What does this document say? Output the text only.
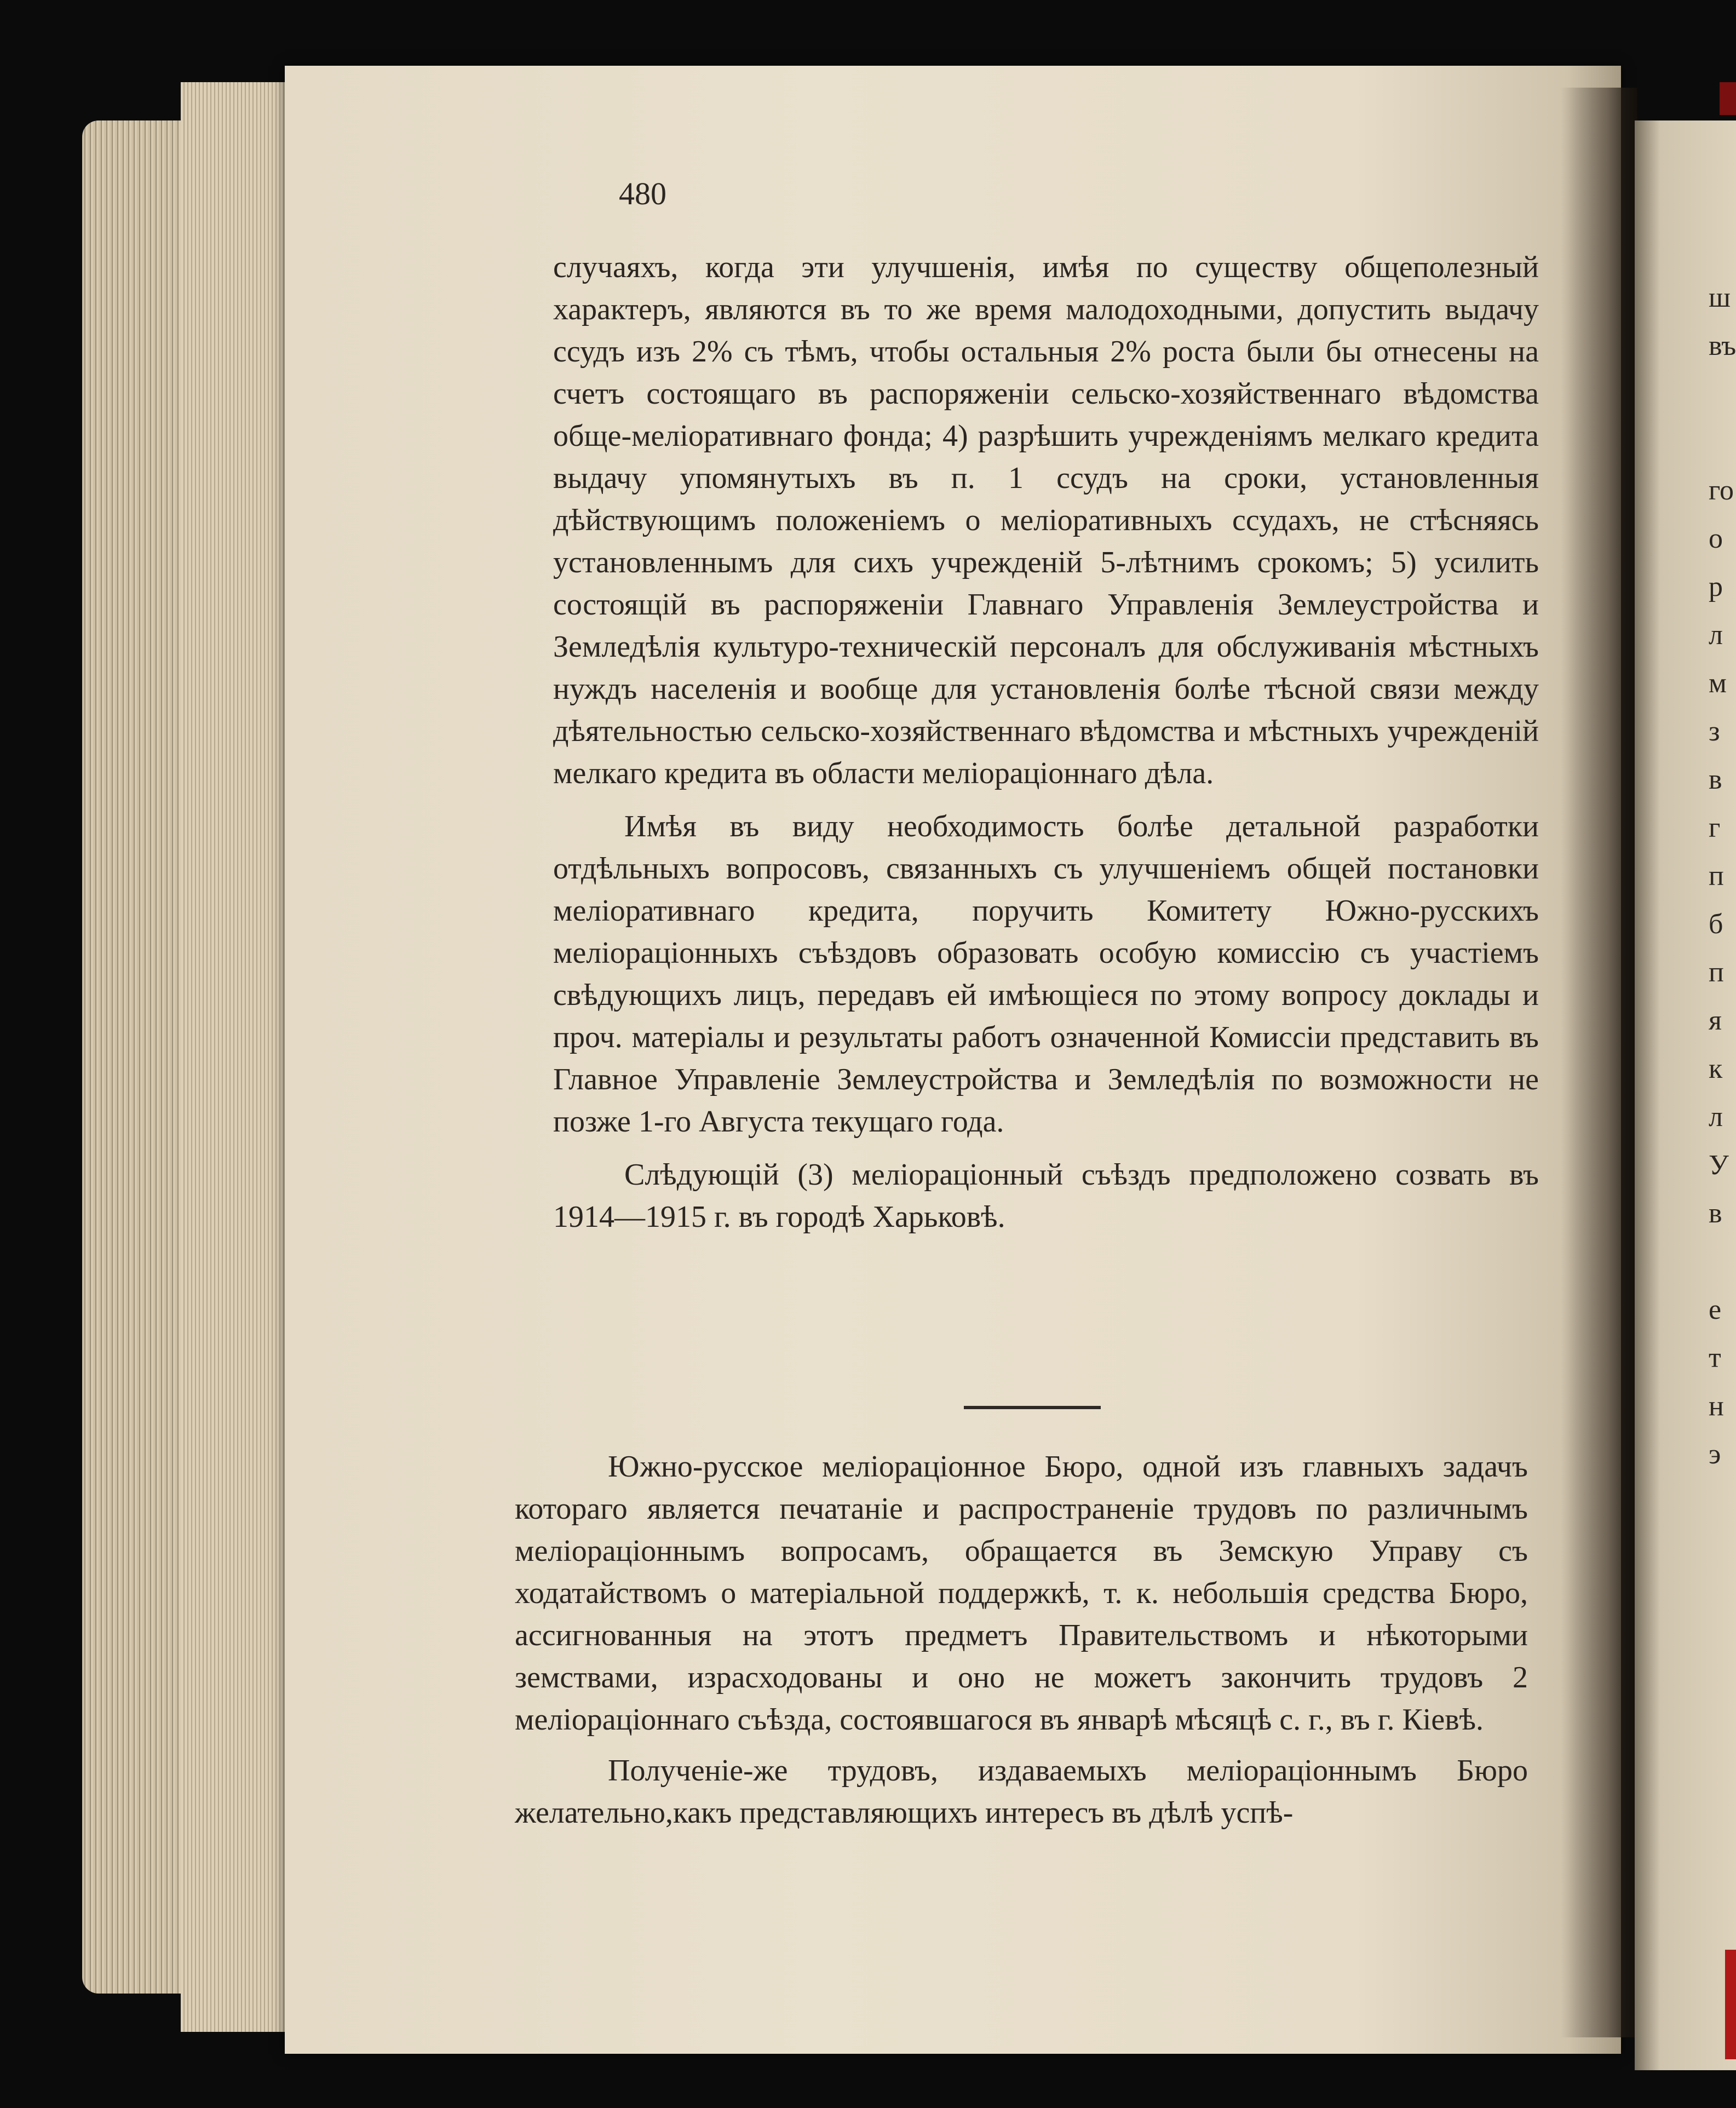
480

случаяхъ, когда эти улучшенія, имѣя по существу общеполезный характеръ, являются въ то же время малодоходными, допустить выдачу ссудъ изъ 2% съ тѣмъ, чтобы остальныя 2% роста были бы отнесены на счетъ состоящаго въ распоряженіи сельско-хозяйственнаго вѣдомства обще-меліоративнаго фонда; 4) разрѣшить учрежденіямъ мелкаго кредита выдачу упомянутыхъ въ п. 1 ссудъ на сроки, установленныя дѣйствующимъ положеніемъ о меліоративныхъ ссудахъ, не стѣсняясь установленнымъ для сихъ учрежденій 5-лѣтнимъ срокомъ; 5) усилить состоящій въ распоряженіи Главнаго Управленія Землеустройства и Земледѣлія культуро-техническій персоналъ для обслуживанія мѣстныхъ нуждъ населенія и вообще для установленія болѣе тѣсной связи между дѣятельностью сельско-хозяйственнаго вѣдомства и мѣстныхъ учрежденій мелкаго кредита въ области меліораціоннаго дѣла.

Имѣя въ виду необходимость болѣе детальной разработки отдѣльныхъ вопросовъ, связанныхъ съ улучшеніемъ общей постановки меліоративнаго кредита, поручить Комитету Южно-русскихъ меліораціонныхъ съѣздовъ образовать особую комиссію съ участіемъ свѣдующихъ лицъ, передавъ ей имѣющіеся по этому вопросу доклады и проч. матеріалы и результаты работъ означенной Комиссіи представить въ Главное Управленіе Землеустройства и Земледѣлія по возможности не позже 1-го Августа текущаго года.

Слѣдующій (3) меліораціонный съѣздъ предположено созвать въ 1914—1915 г. въ городѣ Харьковѣ.

Южно-русское меліораціонное Бюро, одной изъ главныхъ задачъ котораго является печатаніе и распространеніе трудовъ по различнымъ меліораціоннымъ вопросамъ, обращается въ Земскую Управу съ ходатайствомъ о матеріальной поддержкѣ, т. к. небольшія средства Бюро, ассигнованныя на этотъ предметъ Правительствомъ и нѣкоторыми земствами, израсходованы и оно не можетъ закончить трудовъ 2 меліораціоннаго съѣзда, состоявшагося въ январѣ мѣсяцѣ с. г., въ г. Кіевѣ.

Полученіе-же трудовъ, издаваемыхъ меліораціоннымъ Бюро желательно,какъ представляющихъ интересъ въ дѣлѣ успѣ-

ш
въ
го
о
р
л
м
з
в
г
п
б
п
я
к
л
У
в
е
т
н
э
